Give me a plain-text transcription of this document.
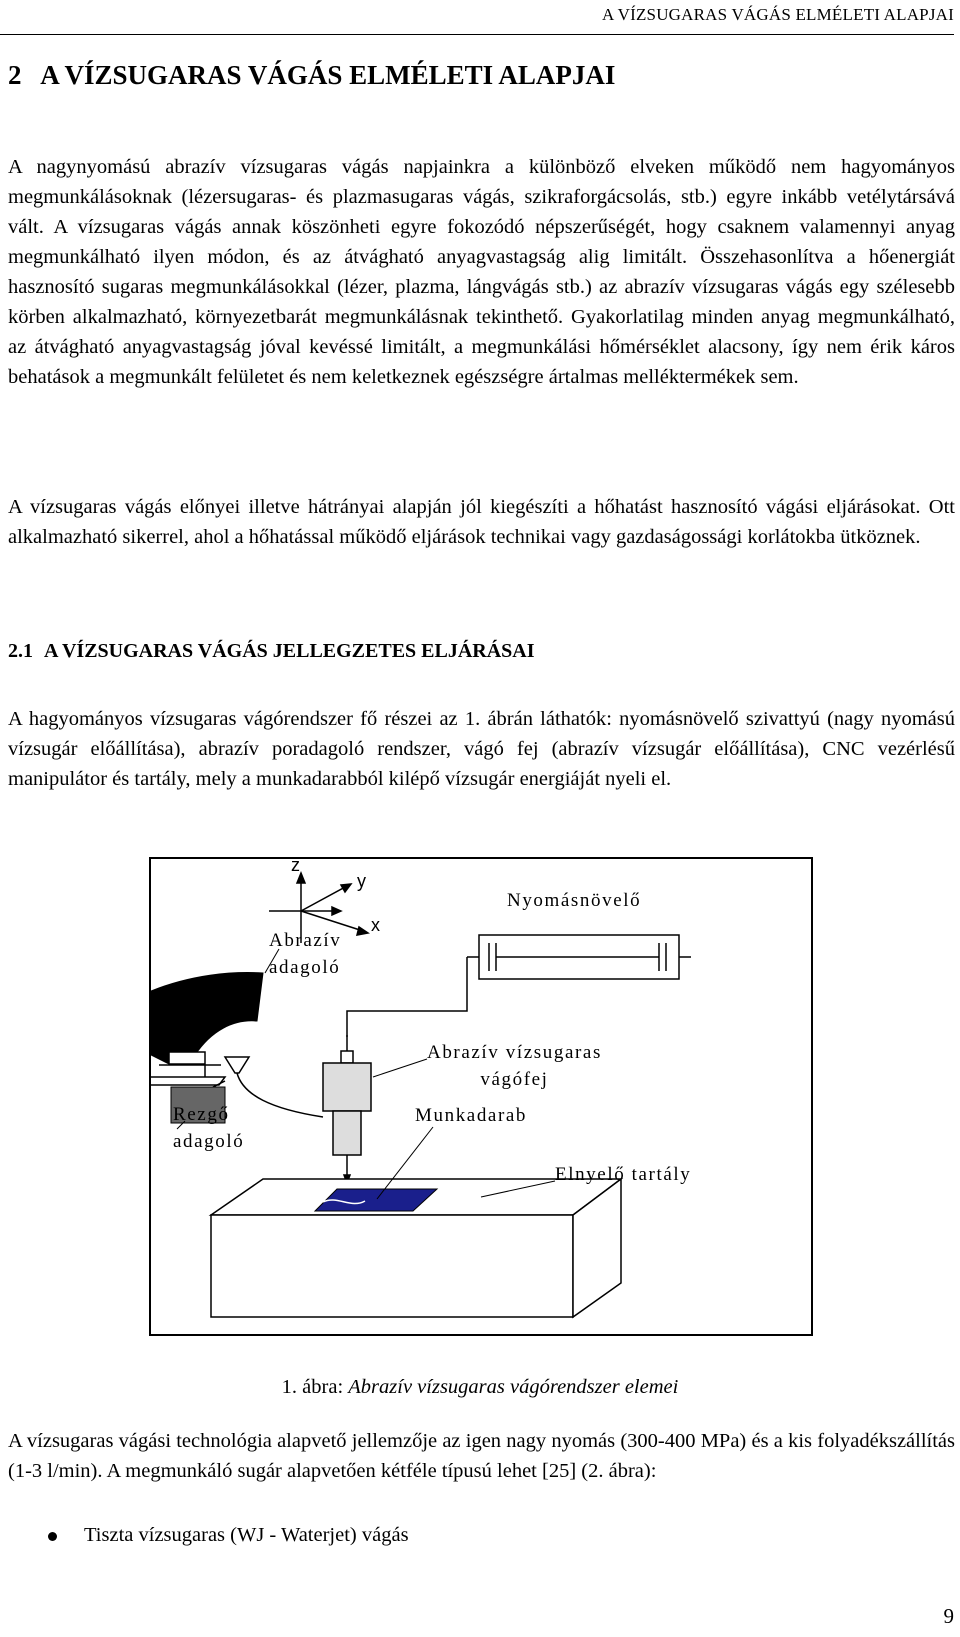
A VÍZSUGARAS VÁGÁS ELMÉLETI ALAPJAI
2   A VÍZSUGARAS VÁGÁS ELMÉLETI ALAPJAI

A nagynyomású abrazív vízsugaras vágás napjainkra a különböző elveken működő nem hagyományos megmunkálásoknak (lézersugaras- és plazmasugaras vágás, szikraforgácsolás, stb.) egyre inkább vetélytársává vált. A vízsugaras vágás annak köszönheti egyre fokozódó népszerűségét, hogy csaknem valamennyi anyag megmunkálható ilyen módon, és az átvágható anyagvastagság alig limitált. Összehasonlítva a hőenergiát hasznosító sugaras megmunkálásokkal (lézer, plazma, lángvágás stb.) az abrazív vízsugaras vágás egy szélesebb körben alkalmazható, környezetbarát megmunkálásnak tekinthető. Gyakorlatilag minden anyag megmunkálható, az átvágható anyagvastagság jóval kevéssé limitált, a megmunkálási hőmérséklet alacsony, így nem érik káros behatások a megmunkált felületet és nem keletkeznek egészségre ártalmas melléktermékek sem.

A vízsugaras vágás előnyei illetve hátrányai alapján jól kiegészíti a hőhatást hasznosító vágási eljárásokat. Ott alkalmazható sikerrel, ahol a hőhatással működő eljárások technikai vagy gazdaságossági korlátokba ütköznek.

2.1 A VÍZSUGARAS VÁGÁS JELLEGZETES ELJÁRÁSAI

A hagyományos vízsugaras vágórendszer fő részei az 1. ábrán láthatók: nyomásnövelő szivattyú (nagy nyomású vízsugár előállítása), abrazív poradagoló rendszer, vágó fej (abrazív vízsugár előállítása), CNC vezérlésű manipulátor és tartály, mely a munkadarabból kilépő vízsugár energiáját nyeli el.

z
y
x
Nyomásnövelő
Abrazív
adagoló
Abrazív vízsugaras
vágófej
Rezgő
adagoló
Munkadarab
Elnyelő tartály
1. ábra: Abrazív vízsugaras vágórendszer elemei

A vízsugaras vágási technológia alapvető jellemzője az igen nagy nyomás (300-400 MPa) és a kis folyadékszállítás (1-3 l/min). A megmunkáló sugár alapvetően kétféle típusú lehet [25] (2. ábra):

Tiszta vízsugaras (WJ - Waterjet) vágás
9
